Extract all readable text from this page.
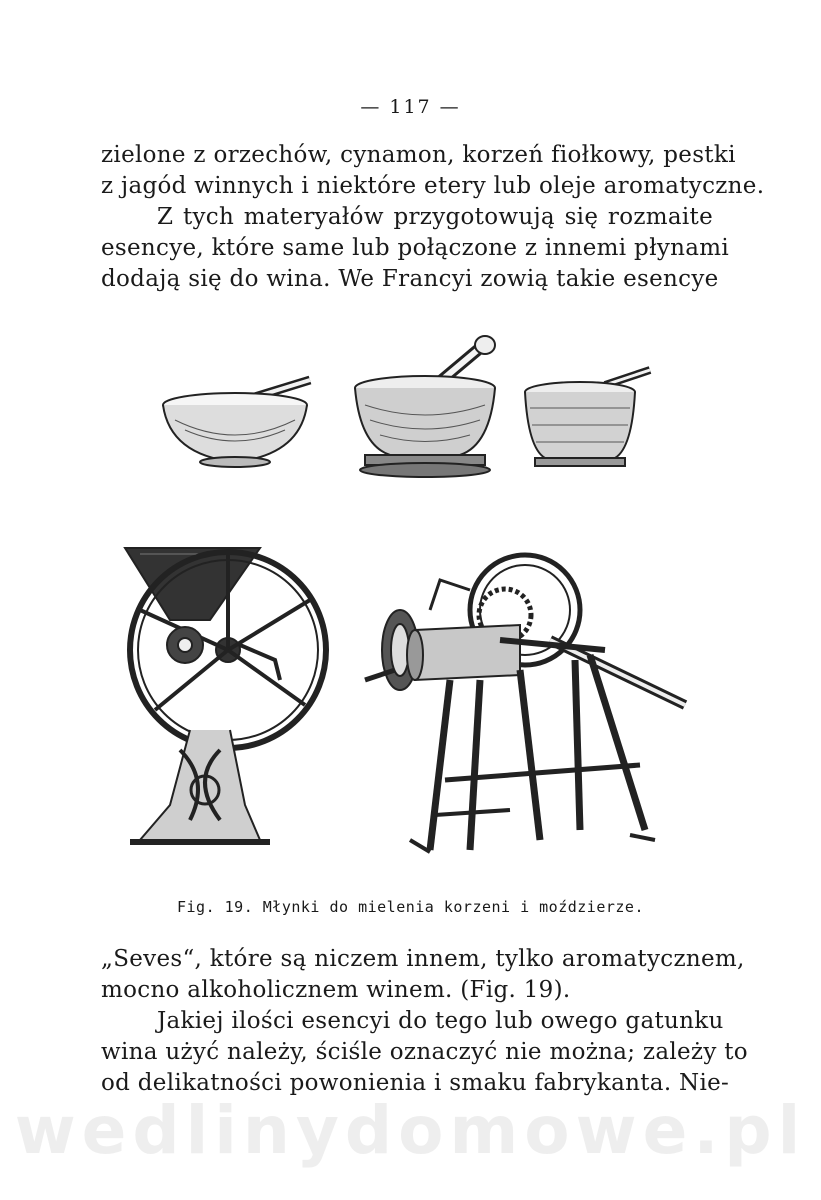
— 117 —
zielone z orzechów, cynamon, korzeń fiołkowy, pestki
z jagód winnych i niektóre etery lub oleje aromatyczne.
Z tych materyałów przygotowują się rozmaite
esencye, które same lub połączone z innemi płynami
dodają się do wina. We Francyi zowią takie esencye
Fig. 19. Młynki do mielenia korzeni i moździerze.
„Seves“, które są niczem innem, tylko aromatycznem,
mocno alkoholicznem winem. (Fig. 19).
Jakiej ilości esencyi do tego lub owego gatunku
wina użyć należy, ściśle oznaczyć nie można; zależy to
od delikatności powonienia i smaku fabrykanta. Nie-
wedlinydomowe.pl
